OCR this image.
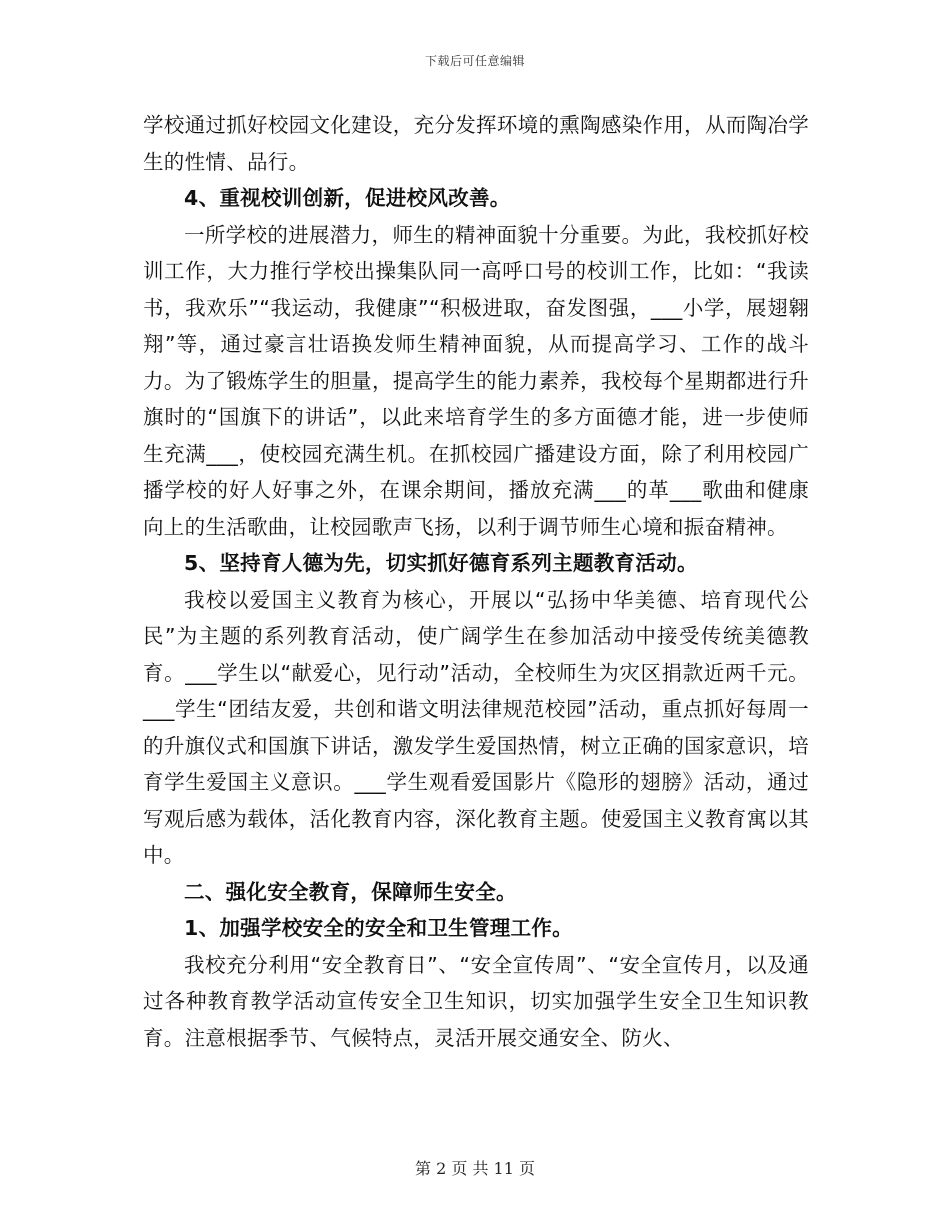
下载后可任意编辑

学校通过抓好校园文化建设，充分发挥环境的熏陶感染作用，从而陶冶学生的性情、品行。

4、重视校训创新，促进校风改善。

一所学校的进展潜力，师生的精神面貌十分重要。为此，我校抓好校训工作，大力推行学校出操集队同一高呼口号的校训工作，比如：“我读书，我欢乐”“我运动，我健康”“积极进取，奋发图强，___小学，展翅翱翔”等，通过豪言壮语换发师生精神面貌，从而提高学习、工作的战斗力。为了锻炼学生的胆量，提高学生的能力素养，我校每个星期都进行升旗时的“国旗下的讲话”，以此来培育学生的多方面德才能，进一步使师生充满___，使校园充满生机。在抓校园广播建设方面，除了利用校园广播学校的好人好事之外，在课余期间，播放充满___的革___歌曲和健康向上的生活歌曲，让校园歌声飞扬，以利于调节师生心境和振奋精神。

5、坚持育人德为先，切实抓好德育系列主题教育活动。

我校以爱国主义教育为核心，开展以“弘扬中华美德、培育现代公民”为主题的系列教育活动，使广阔学生在参加活动中接受传统美德教育。___学生以“献爱心，见行动”活动，全校师生为灾区捐款近两千元。___学生“团结友爱，共创和谐文明法律规范校园”活动，重点抓好每周一的升旗仪式和国旗下讲话，激发学生爱国热情，树立正确的国家意识，培育学生爱国主义意识。___学生观看爱国影片《隐形的翅膀》活动，通过写观后感为载体，活化教育内容，深化教育主题。使爱国主义教育寓以其中。

二、强化安全教育，保障师生安全。

1、加强学校安全的安全和卫生管理工作。

我校充分利用“安全教育日”、“安全宣传周”、“安全宣传月，以及通过各种教育教学活动宣传安全卫生知识，切实加强学生安全卫生知识教育。注意根据季节、气候特点，灵活开展交通安全、防火、

第 2 页 共 11 页
